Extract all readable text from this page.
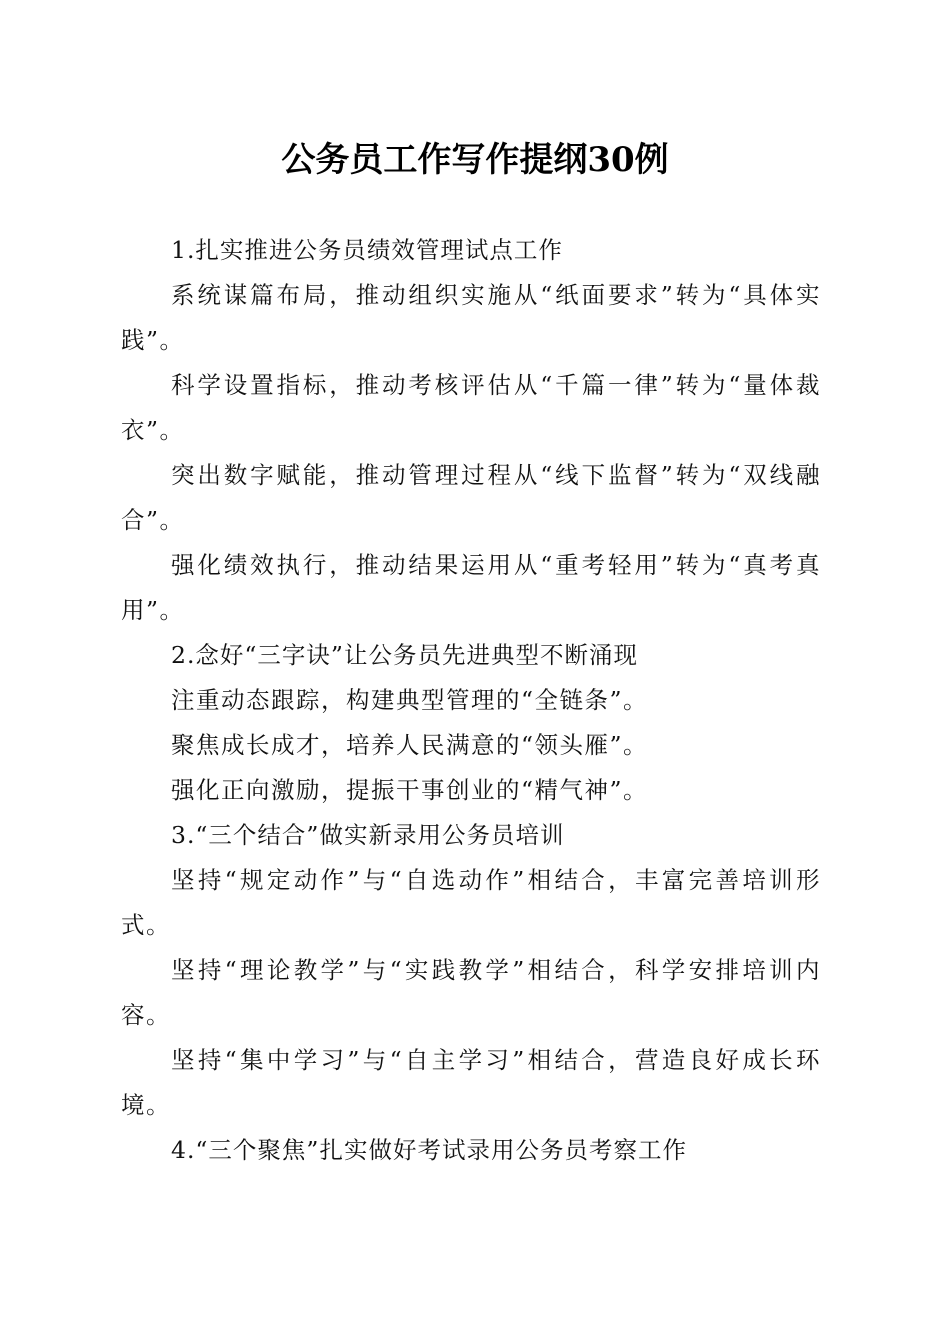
公务员工作写作提纲30例

1.扎实推进公务员绩效管理试点工作

系统谋篇布局，推动组织实施从“纸面要求”转为“具体实践”。

科学设置指标，推动考核评估从“千篇一律”转为“量体裁衣”。

突出数字赋能，推动管理过程从“线下监督”转为“双线融合”。

强化绩效执行，推动结果运用从“重考轻用”转为“真考真用”。

2.念好“三字诀”让公务员先进典型不断涌现

注重动态跟踪，构建典型管理的“全链条”。

聚焦成长成才，培养人民满意的“领头雁”。

强化正向激励，提振干事创业的“精气神”。

3.“三个结合”做实新录用公务员培训

坚持“规定动作”与“自选动作”相结合，丰富完善培训形式。

坚持“理论教学”与“实践教学”相结合，科学安排培训内容。

坚持“集中学习”与“自主学习”相结合，营造良好成长环境。

4.“三个聚焦”扎实做好考试录用公务员考察工作
